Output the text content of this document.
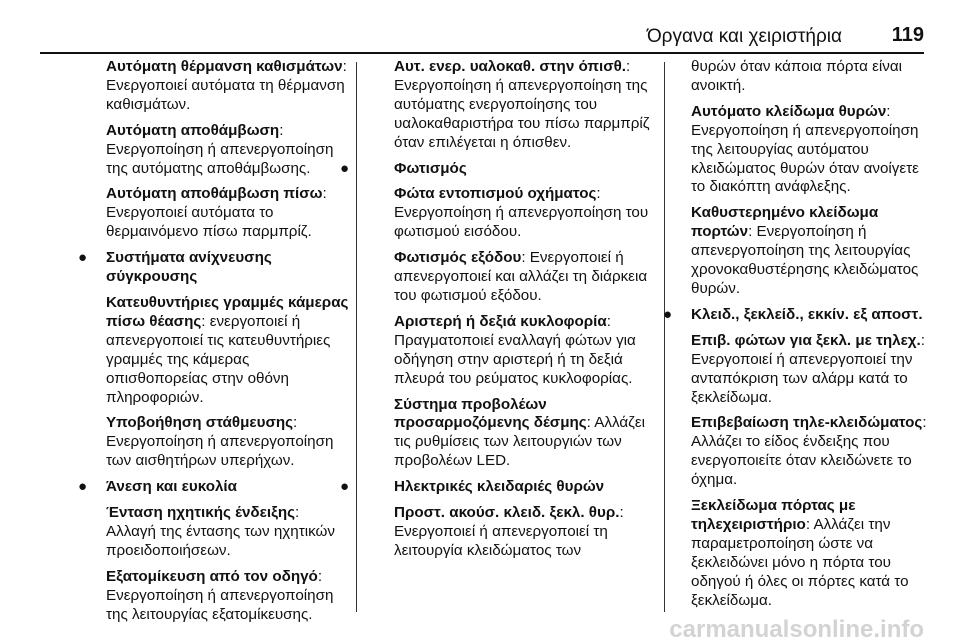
Όργανα και χειριστήρια 119

Αυτόματη θέρμανση καθισμάτων: Ενεργοποιεί αυτόματα τη θέρμανση καθισμάτων.

Αυτόματη αποθάμβωση: Ενεργοποίηση ή απενεργοποίηση της αυτόματης αποθάμβωσης.

Αυτόματη αποθάμβωση πίσω: Ενεργοποιεί αυτόματα το θερμαινόμενο πίσω παρμπρίζ.

● Συστήματα ανίχνευσης σύγκρουσης

Κατευθυντήριες γραμμές κάμερας πίσω θέασης: ενεργοποιεί ή απενεργοποιεί τις κατευθυντήριες γραμμές της κάμερας οπισθοπορείας στην οθόνη πληροφοριών.

Υποβοήθηση στάθμευσης: Ενεργοποίηση ή απενεργοποίηση των αισθητήρων υπερήχων.

● Άνεση και ευκολία

Ένταση ηχητικής ένδειξης: Αλλαγή της έντασης των ηχητικών προειδοποιήσεων.

Εξατομίκευση από τον οδηγό: Ενεργοποίηση ή απενεργοποίηση της λειτουργίας εξατομίκευσης.

Αυτ. ενερ. υαλοκαθ. στην όπισθ.: Ενεργοποίηση ή απενεργοποίηση της αυτόματης ενεργοποίησης του υαλοκαθαριστήρα του πίσω παρμπρίζ όταν επιλέγεται η όπισθεν.

●	Φωτισμός

Φώτα εντοπισμού οχήματος: Ενεργοποίηση ή απενεργοποίηση του φωτισμού εισόδου.

Φωτισμός εξόδου: Ενεργοποιεί ή απενεργοποιεί και αλλάζει τη διάρκεια του φωτισμού εξόδου.

Αριστερή ή δεξιά κυκλοφορία: Πραγματοποιεί εναλλαγή φώτων για οδήγηση στην αριστερή ή τη δεξιά πλευρά του ρεύματος κυκλοφορίας.

Σύστημα προβολέων προσαρμοζόμενης δέσμης: Αλλάζει τις ρυθμίσεις των λειτουργιών των προβολέων LED.

●	Ηλεκτρικές κλειδαριές θυρών

Προστ. ακούσ. κλειδ. ξεκλ. θυρ.: Ενεργοποιεί ή απενεργοποιεί τη λειτουργία κλειδώματος των

θυρών όταν κάποια πόρτα είναι ανοικτή.

Αυτόματο κλείδωμα θυρών: Ενεργοποίηση ή απενεργοποίηση της λειτουργίας αυτόματου κλειδώματος θυρών όταν ανοίγετε το διακόπτη ανάφλεξης.

Καθυστερημένο κλείδωμα πορτών: Ενεργοποίηση ή απενεργοποίηση της λειτουργίας χρονοκαθυστέρησης κλειδώματος θυρών.

● Κλειδ., ξεκλείδ., εκκίν. εξ αποστ.

Επιβ. φώτων για ξεκλ. με τηλεχ.: Ενεργοποιεί ή απενεργοποιεί την ανταπόκριση των αλάρμ κατά το ξεκλείδωμα.

Επιβεβαίωση τηλε-κλειδώματος: Αλλάζει το είδος ένδειξης που ενεργοποιείτε όταν κλειδώνετε το όχημα.

Ξεκλείδωμα πόρτας με τηλεχειριστήριο: Αλλάζει την παραμετροποίηση ώστε να ξεκλειδώνει μόνο η πόρτα του οδηγού ή όλες οι πόρτες κατά το ξεκλείδωμα.

carmanualsonline.info
